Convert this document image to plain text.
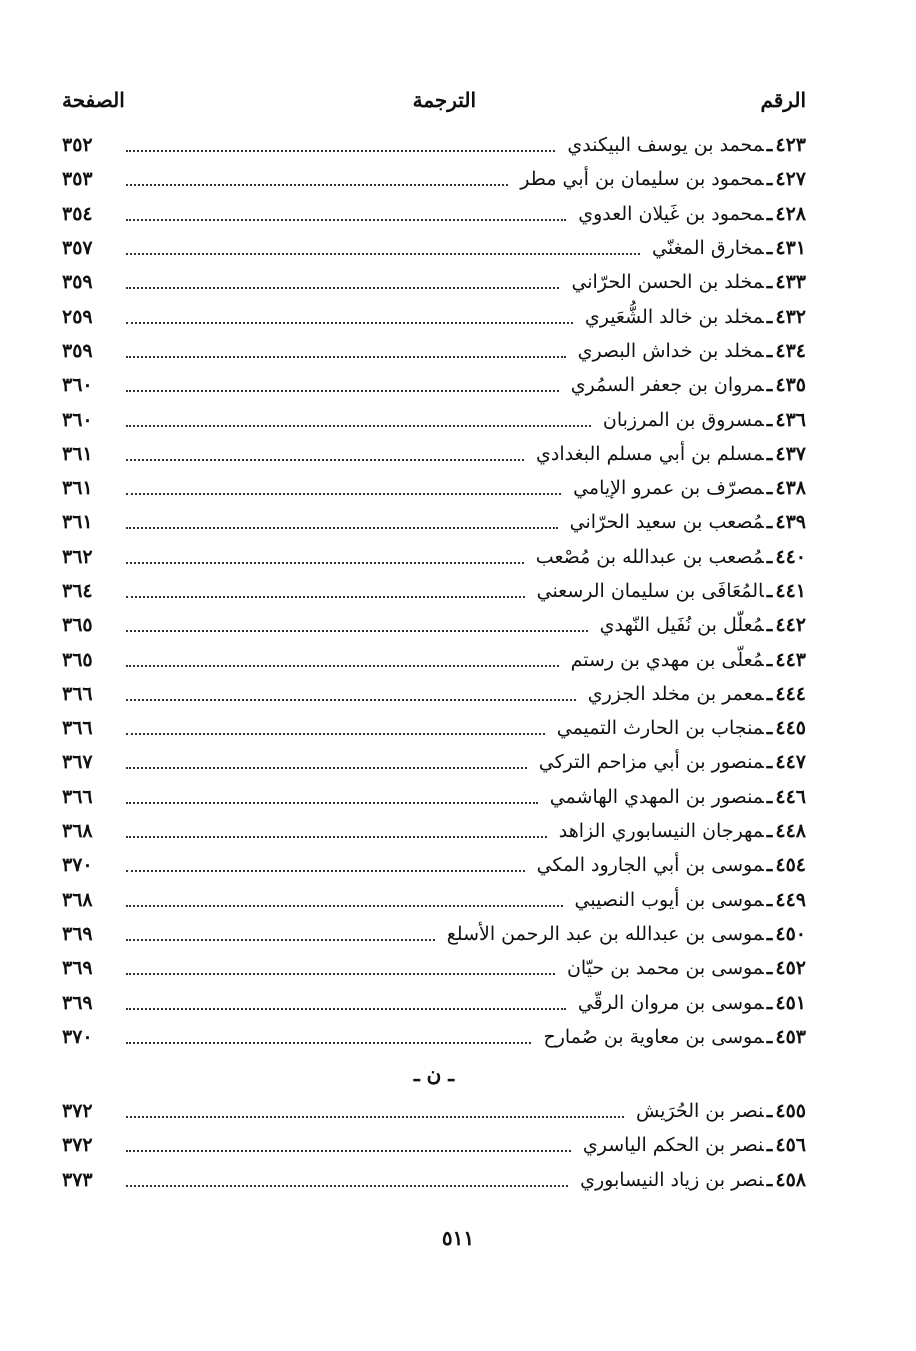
الرقم
الترجمة
الصفحة
٤٢٣ـمحمد بن يوسف البيكندي
٣٥٢
٤٢٧ـمحمود بن سليمان بن أبي مطر
٣٥٣
٤٢٨ـمحمود بن غَيلان العدوي
٣٥٤
٤٣١ـمخارق المغنّي
٣٥٧
٤٣٣ـمخلد بن الحسن الحرّاني
٣٥٩
٤٣٢ـمخلد بن خالد الشُّعَيري
٢٥٩
٤٣٤ـمخلد بن خداش البصري
٣٥٩
٤٣٥ـمروان بن جعفر السمُري
٣٦٠
٤٣٦ـمسروق بن المرزبان
٣٦٠
٤٣٧ـمسلم بن أبي مسلم البغدادي
٣٦١
٤٣٨ـمصرّف بن عمرو الإيامي
٣٦١
٤٣٩ـمُصعب بن سعيد الحرّاني
٣٦١
٤٤٠ـمُصعب بن عبدالله بن مُصْعب
٣٦٢
٤٤١ـالمُعَافَى بن سليمان الرسعني
٣٦٤
٤٤٢ـمُعلّل بن نُفَيل النّهدي
٣٦٥
٤٤٣ـمُعلّى بن مهدي بن رستم
٣٦٥
٤٤٤ـمعمر بن مخلد الجزري
٣٦٦
٤٤٥ـمنجاب بن الحارث التميمي
٣٦٦
٤٤٧ـمنصور بن أبي مزاحم التركي
٣٦٧
٤٤٦ـمنصور بن المهدي الهاشمي
٣٦٦
٤٤٨ـمهرجان النيسابوري الزاهد
٣٦٨
٤٥٤ـموسى بن أبي الجارود المكي
٣٧٠
٤٤٩ـموسى بن أيوب النصيبي
٣٦٨
٤٥٠ـموسى بن عبدالله بن عبد الرحمن الأسلع
٣٦٩
٤٥٢ـموسى بن محمد بن حيّان
٣٦٩
٤٥١ـموسى بن مروان الرقّي
٣٦٩
٤٥٣ـموسى بن معاوية بن صُمارح
٣٧٠
ـ ن ـ
٤٥٥ـنصر بن الحُرَيش
٣٧٢
٤٥٦ـنصر بن الحكم الياسري
٣٧٢
٤٥٨ـنصر بن زياد النيسابوري
٣٧٣
٥١١
